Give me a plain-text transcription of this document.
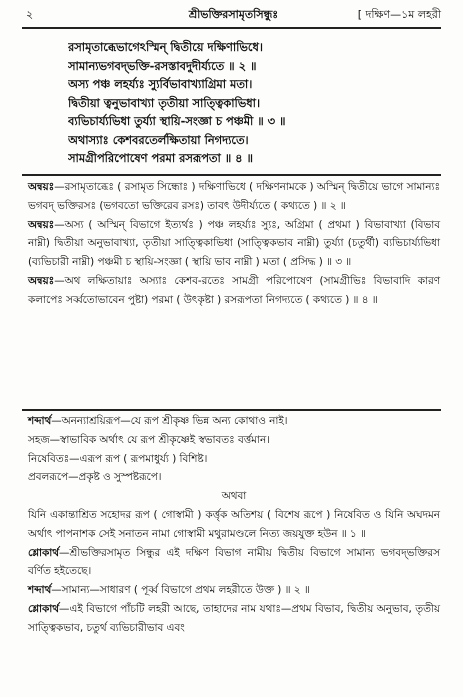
২	শ্রীভক্তিরসামৃতসিন্ধুঃ	[ দক্ষিণ—১ম লহরী
রসামৃতাব্ধেভাগেঽস্মিন্ দ্বিতীয়ে দক্ষিণাভিধে।
সামান্যভগবদ্‌ভক্তি-রসস্তাবদুদীর্য্যতে ॥ ২ ॥
অস্য পঞ্চ লহর্য্যঃ স্যুর্বিভাবাখ্যাগ্রিমা মতা।
দ্বিতীয়া ত্বনুভাবাখ্যা তৃতীয়া সাত্ত্বিকাভিধা।
ব্যভিচার্য্যভিধা তুর্য্যা স্থায়ি-সংজ্ঞা চ পঞ্চমী ॥ ৩ ॥
অথাস্যাঃ কেশবরতের্লক্ষিতায়া নিগদ্যতে।
সামগ্রীপরিপোষেণ পরমা রসরূপতা ॥ ৪ ॥

অন্বয়ঃ—রসামৃতাব্ধেঃ ( রসামৃত সিন্ধোঃ ) দক্ষিণাভিধে ( দক্ষিণনামকে ) অস্মিন্ দ্বিতীয়ে ভাগে সামান্যঃ ভগবদ্ ভক্তিরসঃ (ভগবতো ভক্তিরেব রসঃ) তাবৎ উদীর্য্যতে ( কথ্যতে ) ॥ ২ ॥

অন্বয়ঃ—অস্য ( অস্মিন্ বিভাগে ইত্যর্থঃ ) পঞ্চ লহর্য্যঃ স্যুঃ, অগ্রিমা ( প্রথমা ) বিভাবাখ্যা (বিভাব নাম্নী) দ্বিতীয়া অনুভাবাখ্যা, তৃতীয়া সাত্ত্বিকাভিধা (সাত্ত্বিকভাব নাম্নী) তুর্য্যা (চতুর্থী) ব্যভিচার্য্যভিধা (ব্যভিচারী নাম্নী) পঞ্চমী চ স্থায়ি-সংজ্ঞা ( স্থায়ি ভাব নাম্নী ) মতা ( প্রসিদ্ধ ) ॥ ৩ ॥

অন্বয়ঃ—অথ লক্ষিতায়াঃ অস্যাঃ কেশব-রতেঃ সামগ্রী পরিপোষেণ (সামগ্রীভিঃ বিভাবাদি কারণ কলাপেঃ সর্ব্বতোভাবেন পুষ্টা) পরমা ( উৎকৃষ্টা ) রসরূপতা নিগদ্যতে ( কথ্যতে ) ॥ ৪ ॥

শব্দার্থ—অনন্যাশ্রয়িরূপ—যে রূপ শ্রীকৃষ্ণ ভিন্ন অন্য কোথাও নাই।

সহজ—স্বাভাবিক অর্থাৎ যে রূপ শ্রীকৃষ্ণেই স্বভাবতঃ বর্ত্তমান।

নিষেবিতঃ—এরূপ রূপ ( রূপমাধুর্য্য ) বিশিষ্ট।

প্রবলরূপে—প্রকৃষ্ট ও সুস্পষ্টরূপে।

অথবা

যিনি একান্তাশ্রিত সহোদর রূপ ( গোস্বামী ) কর্ত্তৃক অতিশয় ( বিশেষ রূপে ) নিষেবিত ও যিনি অঘদমন অর্থাৎ পাপনাশক সেই সনাতন নামা গোস্বামী মথুরামণ্ডলে নিত্য জয়যুক্ত হউন ॥ ১ ॥

শ্লোকার্থ—শ্রীভক্তিরসামৃত সিন্ধুর এই দক্ষিণ বিভাগ নামীয় দ্বিতীয় বিভাগে সামান্য ভগবদ্‌ভক্তিরস বর্ণিত হইতেছে।

শব্দার্থ—সামান্য—সাধারণ ( পূর্ব্ব বিভাগে প্রথম লহরীতে উক্ত ) ॥ ২ ॥

শ্লোকার্থ—এই বিভাগে পাঁচটি লহরী আছে, তাহাদের নাম যথাঃ—প্রথম বিভাব, দ্বিতীয় অনুভাব, তৃতীয় সাত্ত্বিকভাব, চতুর্থ ব্যভিচারীভাব এবং
